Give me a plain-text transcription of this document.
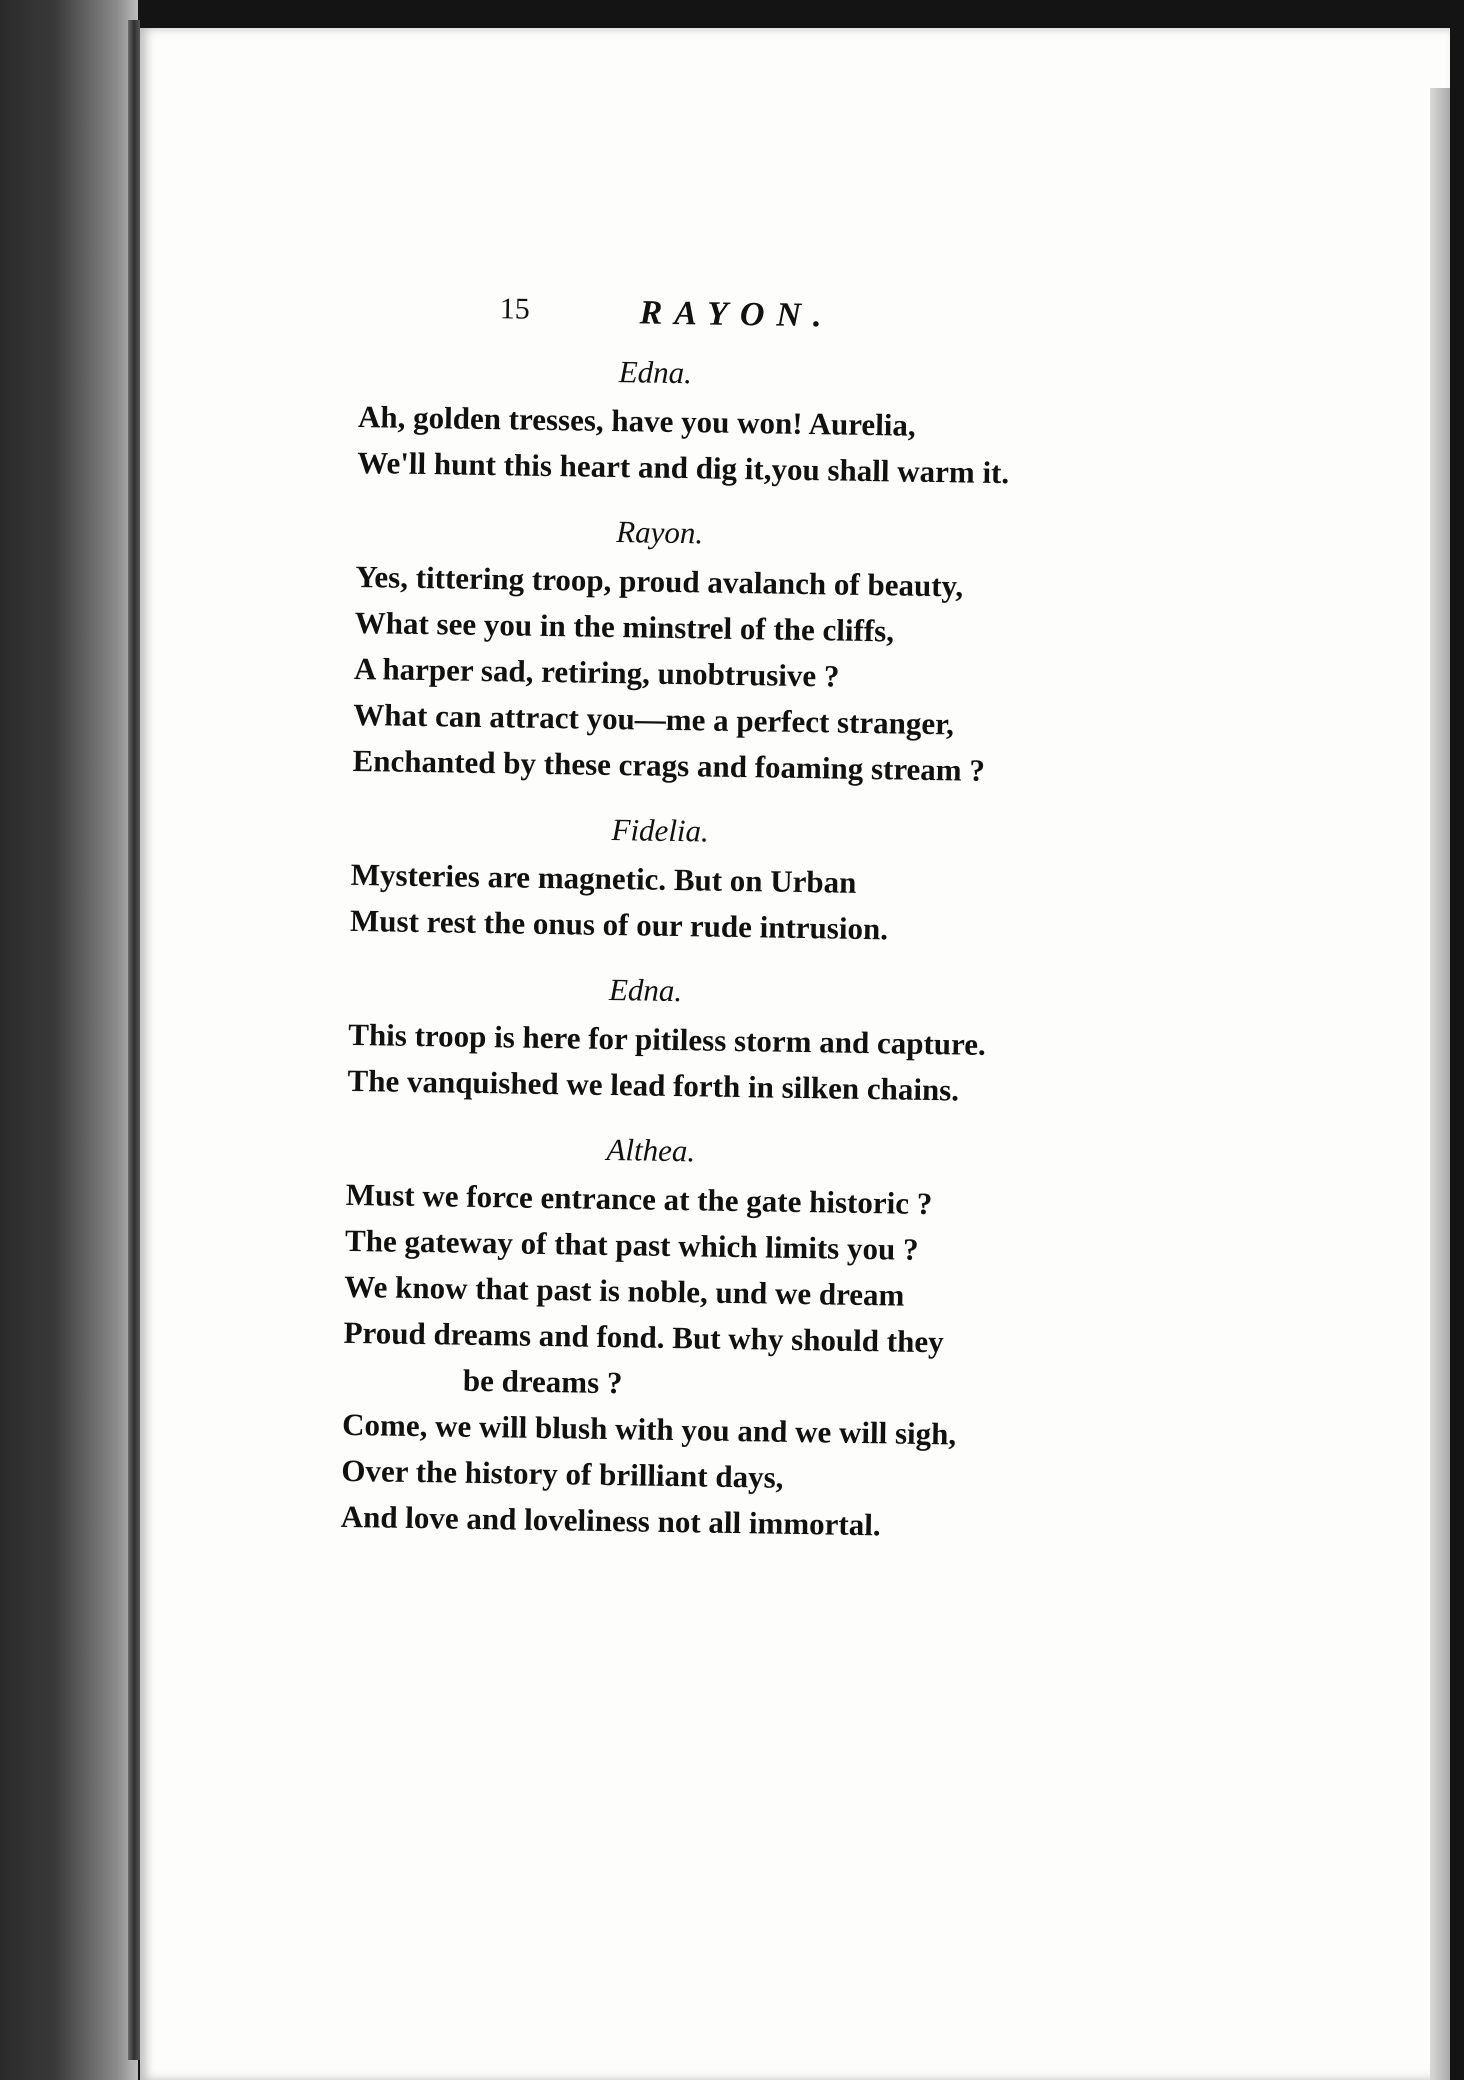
15	RAYON.
Edna.
Ah, golden tresses, have you won! Aurelia,
We'll hunt this heart and dig it,you shall warm it.
Rayon.
Yes, tittering troop, proud avalanch of beauty,
What see you in the minstrel of the cliffs,
A harper sad, retiring, unobtrusive ?
What can attract you—me a perfect stranger,
Enchanted by these crags and foaming stream ?
Fidelia.
Mysteries are magnetic. But on Urban
Must rest the onus of our rude intrusion.
Edna.
This troop is here for pitiless storm and capture.
The vanquished we lead forth in silken chains.
Althea.
Must we force entrance at the gate historic ?
The gateway of that past which limits you ?
We know that past is noble, und we dream
Proud dreams and fond. But why should they
be dreams ?
Come, we will blush with you and we will sigh,
Over the history of brilliant days,
And love and loveliness not all immortal.
